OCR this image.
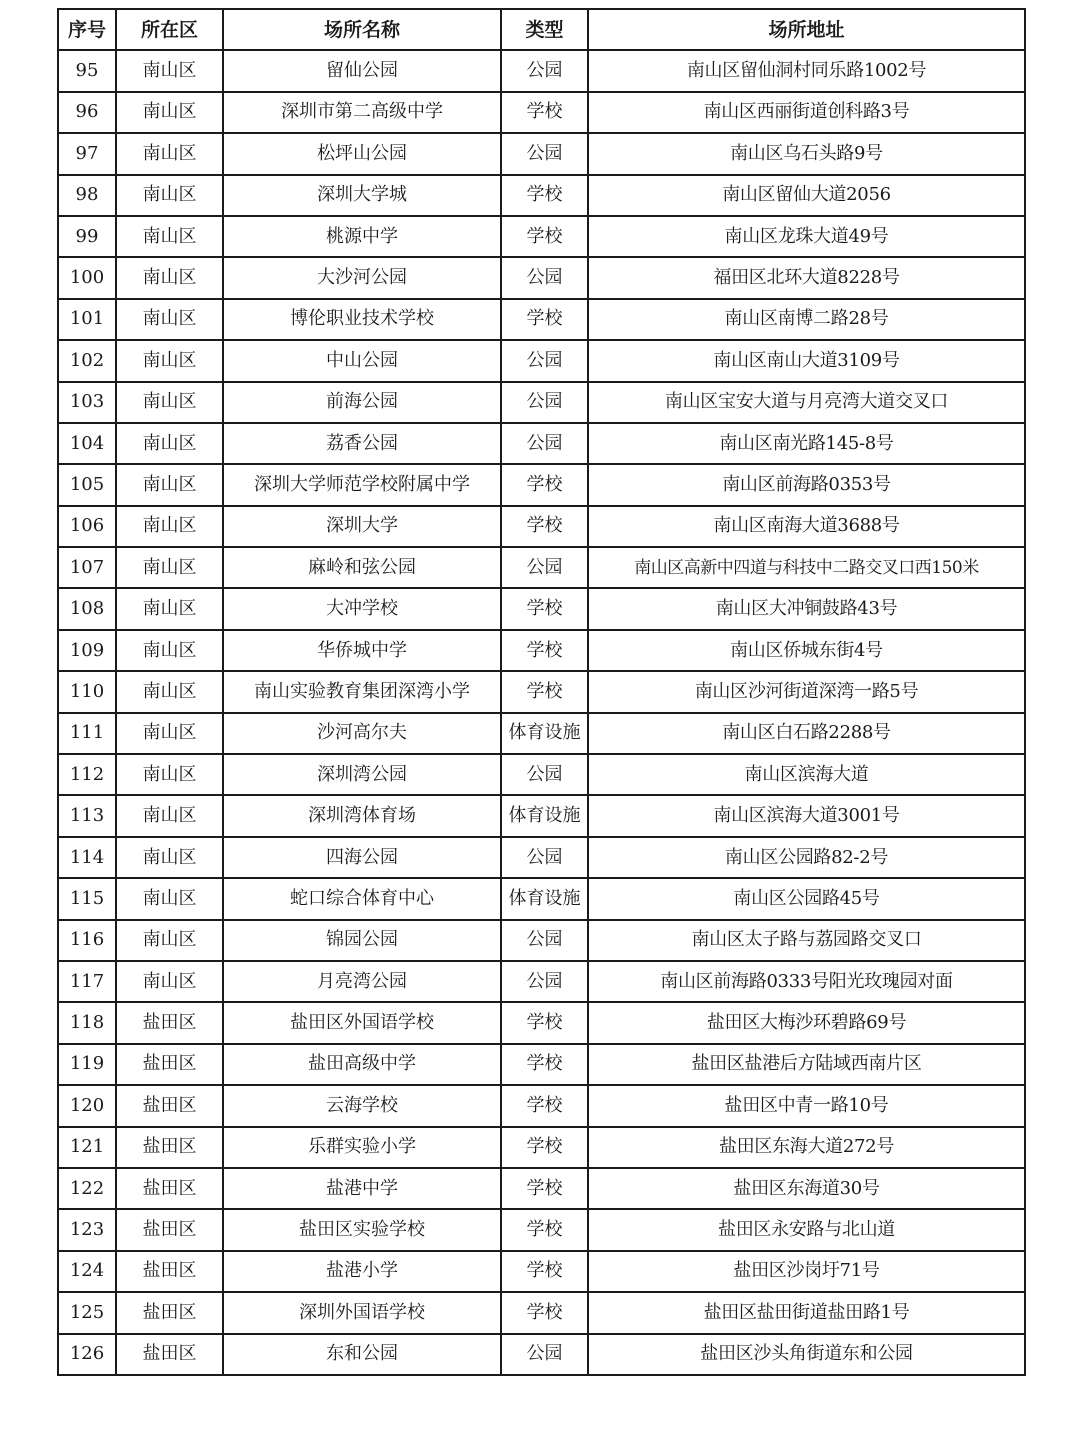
序号	所在区	场所名称	类型	场所地址
95	南山区	留仙公园	公园	南山区留仙洞村同乐路1002号
96	南山区	深圳市第二高级中学	学校	南山区西丽街道创科路3号
97	南山区	松坪山公园	公园	南山区乌石头路9号
98	南山区	深圳大学城	学校	南山区留仙大道2056
99	南山区	桃源中学	学校	南山区龙珠大道49号
100	南山区	大沙河公园	公园	福田区北环大道8228号
101	南山区	博伦职业技术学校	学校	南山区南博二路28号
102	南山区	中山公园	公园	南山区南山大道3109号
103	南山区	前海公园	公园	南山区宝安大道与月亮湾大道交叉口
104	南山区	荔香公园	公园	南山区南光路145-8号
105	南山区	深圳大学师范学校附属中学	学校	南山区前海路0353号
106	南山区	深圳大学	学校	南山区南海大道3688号
107	南山区	麻岭和弦公园	公园	南山区高新中四道与科技中二路交叉口西150米
108	南山区	大冲学校	学校	南山区大冲铜鼓路43号
109	南山区	华侨城中学	学校	南山区侨城东街4号
110	南山区	南山实验教育集团深湾小学	学校	南山区沙河街道深湾一路5号
111	南山区	沙河高尔夫	体育设施	南山区白石路2288号
112	南山区	深圳湾公园	公园	南山区滨海大道
113	南山区	深圳湾体育场	体育设施	南山区滨海大道3001号
114	南山区	四海公园	公园	南山区公园路82-2号
115	南山区	蛇口综合体育中心	体育设施	南山区公园路45号
116	南山区	锦园公园	公园	南山区太子路与荔园路交叉口
117	南山区	月亮湾公园	公园	南山区前海路0333号阳光玫瑰园对面
118	盐田区	盐田区外国语学校	学校	盐田区大梅沙环碧路69号
119	盐田区	盐田高级中学	学校	盐田区盐港后方陆域西南片区
120	盐田区	云海学校	学校	盐田区中青一路10号
121	盐田区	乐群实验小学	学校	盐田区东海大道272号
122	盐田区	盐港中学	学校	盐田区东海道30号
123	盐田区	盐田区实验学校	学校	盐田区永安路与北山道
124	盐田区	盐港小学	学校	盐田区沙岗圩71号
125	盐田区	深圳外国语学校	学校	盐田区盐田街道盐田路1号
126	盐田区	东和公园	公园	盐田区沙头角街道东和公园
